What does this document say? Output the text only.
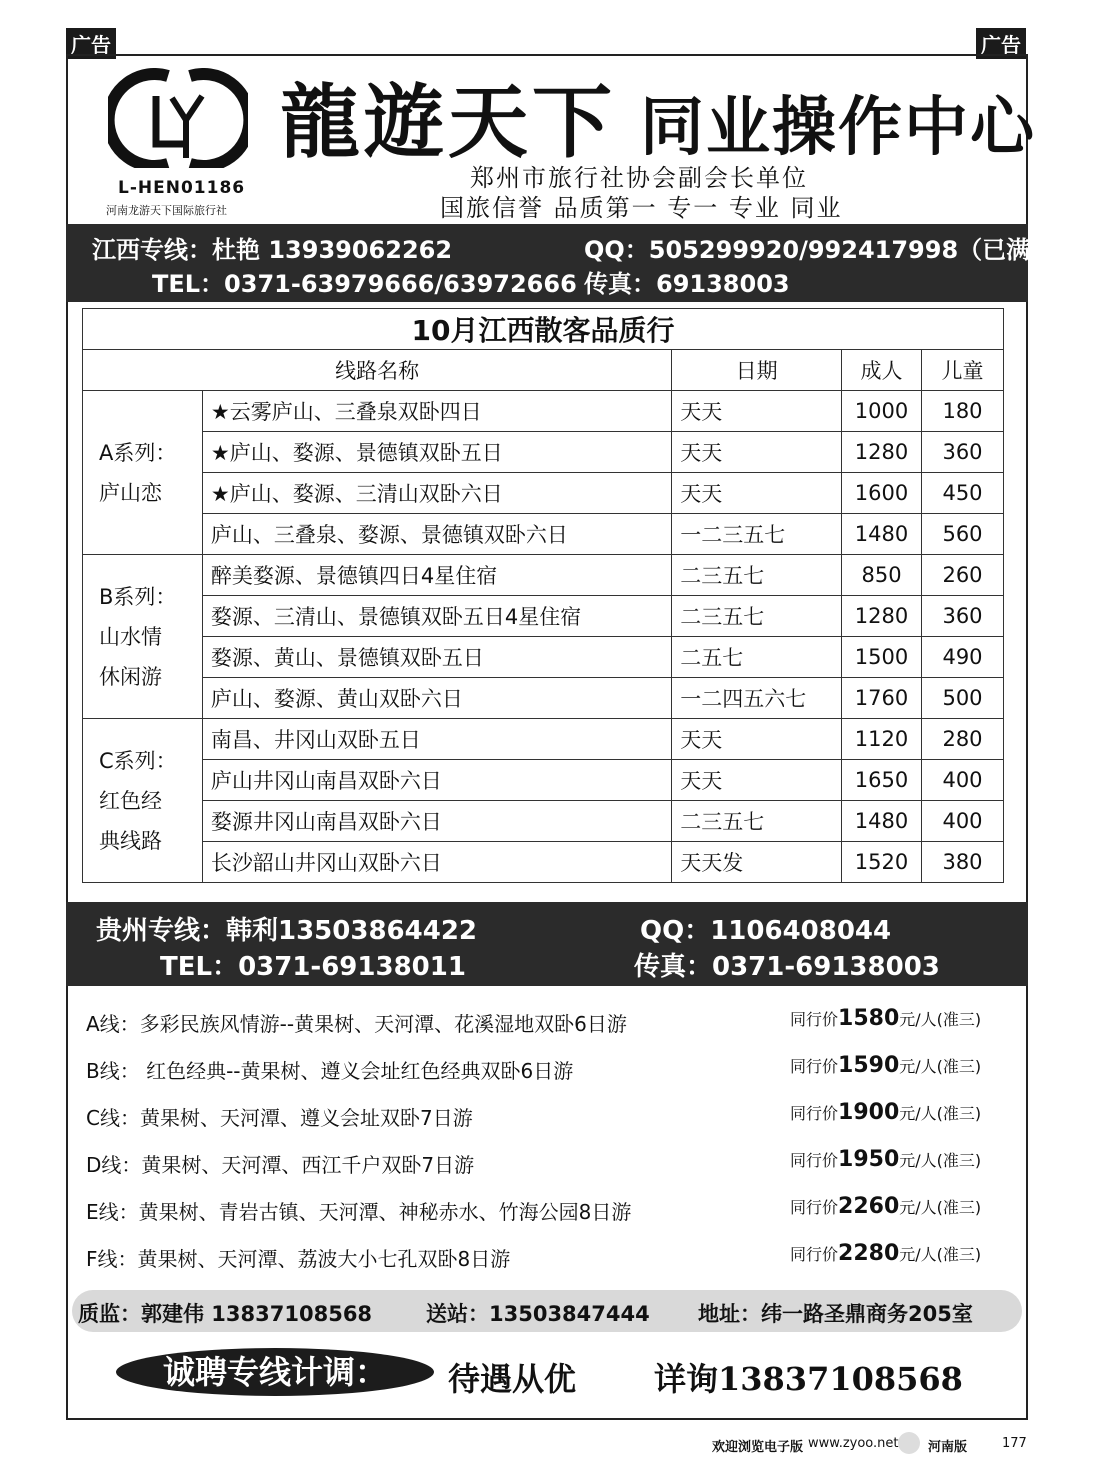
广告	广告
L-HEN01186
河南龙游天下国际旅行社
龍遊天下 同业操作中心
郑州市旅行社协会副会长单位
国旅信誉 品质第一 专一 专业 同业
江西专线：杜艳 13939062262	QQ：505299920/992417998（已满）
TEL：0371-63979666/63972666 传真：69138003
10月江西散客品质行				
线路名称		日期	成人	儿童
A系列：
庐山恋	★云雾庐山、三叠泉双卧四日	天天	1000	180
	★庐山、婺源、景德镇双卧五日	天天	1280	360
	★庐山、婺源、三清山双卧六日	天天	1600	450
	庐山、三叠泉、婺源、景德镇双卧六日	一二三五七	1480	560
B系列：
山水情
休闲游	醉美婺源、景德镇四日4星住宿	二三五七	850	260
	婺源、三清山、景德镇双卧五日4星住宿	二三五七	1280	360
	婺源、黄山、景德镇双卧五日	二五七	1500	490
	庐山、婺源、黄山双卧六日	一二四五六七	1760	500
C系列：
红色经
典线路	南昌、井冈山双卧五日	天天	1120	280
	庐山井冈山南昌双卧六日	天天	1650	400
	婺源井冈山南昌双卧六日	二三五七	1480	400
	长沙韶山井冈山双卧六日	天天发	1520	380
贵州专线：韩利13503864422	QQ：1106408044
TEL：0371-69138011	传真：0371-69138003
A线：多彩民族风情游--黄果树、天河潭、花溪湿地双卧6日游	同行价1580元/人(准三)
B线： 红色经典--黄果树、遵义会址红色经典双卧6日游	同行价1590元/人(准三)
C线：黄果树、天河潭、遵义会址双卧7日游	同行价1900元/人(准三)
D线：黄果树、天河潭、西江千户双卧7日游	同行价1950元/人(准三)
E线：黄果树、青岩古镇、天河潭、神秘赤水、竹海公园8日游	同行价2260元/人(准三)
F线：黄果树、天河潭、荔波大小七孔双卧8日游	同行价2280元/人(准三)
质监：郭建伟 13837108568	送站：13503847444 地址：纬一路圣鼎商务205室
诚聘专线计调：	待遇从优 详询13837108568
欢迎浏览电子版 www.zyoo.net 河南版	177
